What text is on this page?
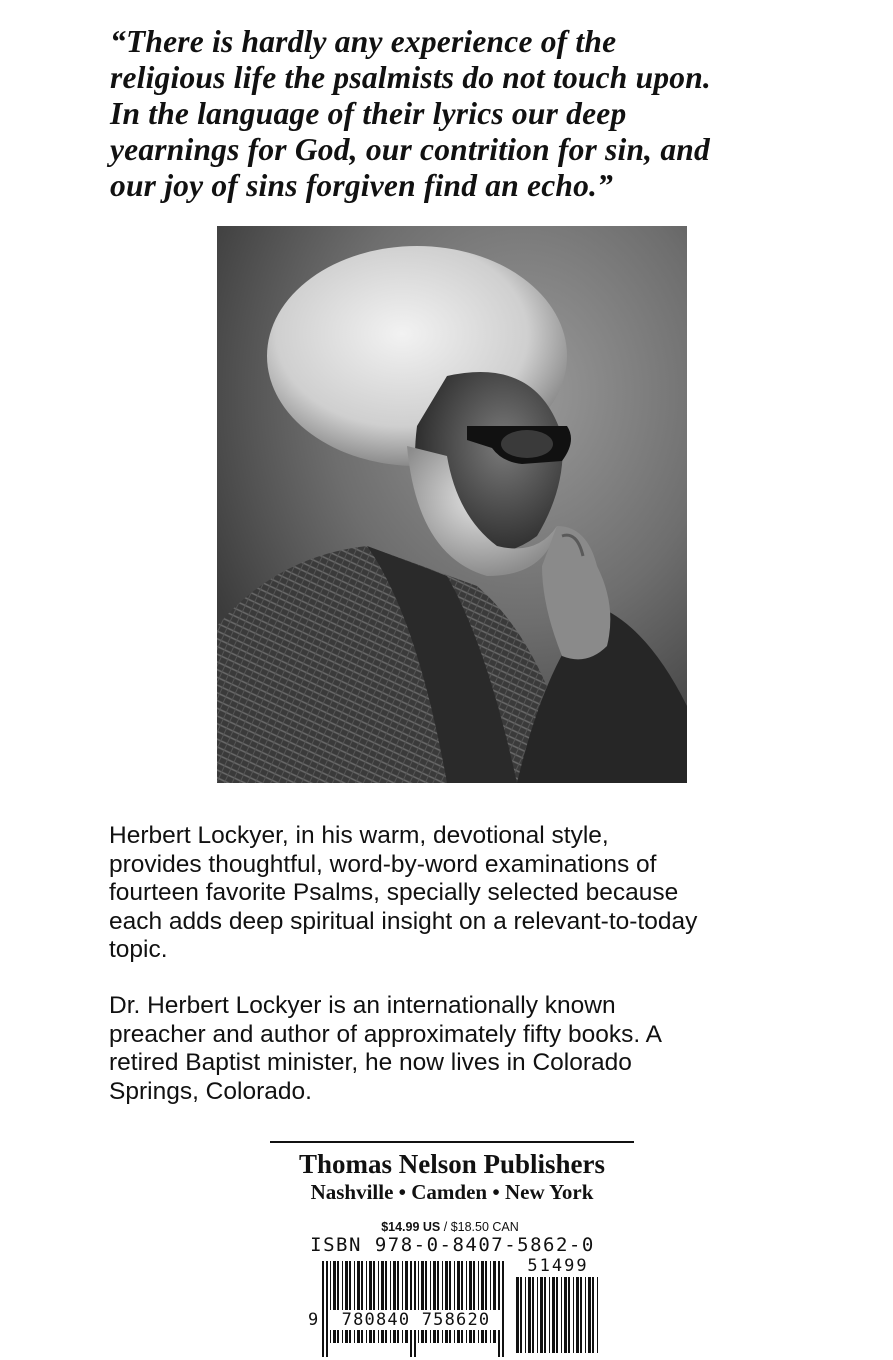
“There is hardly any experience of the
religious life the psalmists do not touch upon.
In the language of their lyrics our deep
yearnings for God, our contrition for sin, and
our joy of sins forgiven find an echo.”
Herbert Lockyer, in his warm, devotional style,
provides thoughtful, word-by-word examinations of
fourteen favorite Psalms, specially selected because
each adds deep spiritual insight on a relevant-to-today
topic.
Dr. Herbert Lockyer is an internationally known
preacher and author of approximately fifty books. A
retired Baptist minister, he now lives in Colorado
Springs, Colorado.
Thomas Nelson Publishers
Nashville • Camden • New York
$14.99 US / $18.50 CAN
ISBN 978-0-8407-5862-0
51499
9	780840 758620
